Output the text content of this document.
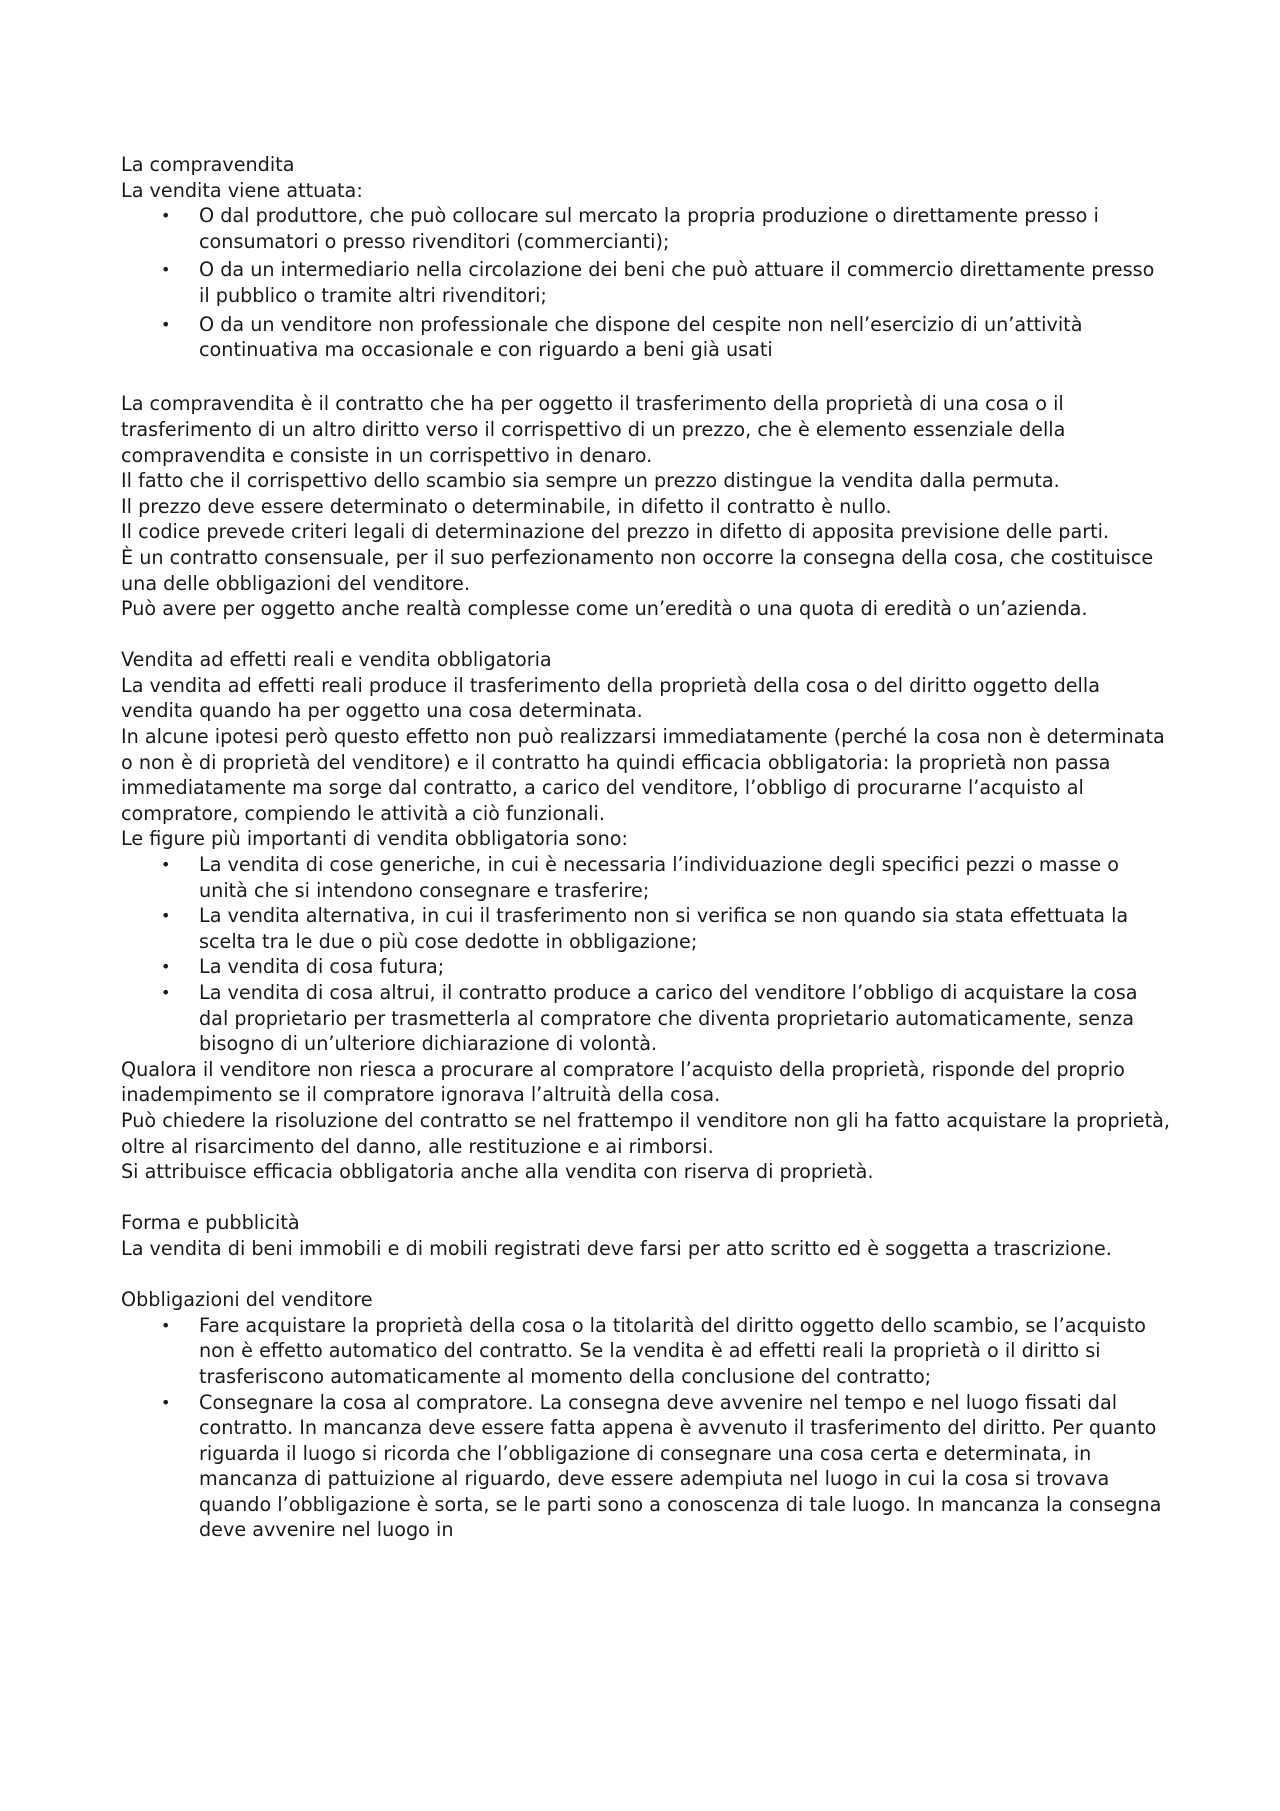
La compravendita

La vendita viene attuata:

• O dal produttore, che può collocare sul mercato la propria produzione o direttamente presso i consumatori o presso rivenditori (commercianti);
• O da un intermediario nella circolazione dei beni che può attuare il commercio direttamente presso il pubblico o tramite altri rivenditori;
• O da un venditore non professionale che dispone del cespite non nell’esercizio di un’attività continuativa ma occasionale e con riguardo a beni già usati

La compravendita è il contratto che ha per oggetto il trasferimento della proprietà di una cosa o il trasferimento di un altro diritto verso il corrispettivo di un prezzo, che è elemento essenziale della compravendita e consiste in un corrispettivo in denaro.

Il fatto che il corrispettivo dello scambio sia sempre un prezzo distingue la vendita dalla permuta.

Il prezzo deve essere determinato o determinabile, in difetto il contratto è nullo.

Il codice prevede criteri legali di determinazione del prezzo in difetto di apposita previsione delle parti.

È un contratto consensuale, per il suo perfezionamento non occorre la consegna della cosa, che costituisce una delle obbligazioni del venditore.

Può avere per oggetto anche realtà complesse come un’eredità o una quota di eredità o un’azienda.

Vendita ad effetti reali e vendita obbligatoria

La vendita ad effetti reali produce il trasferimento della proprietà della cosa o del diritto oggetto della vendita quando ha per oggetto una cosa determinata.

In alcune ipotesi però questo effetto non può realizzarsi immediatamente (perché la cosa non è determinata o non è di proprietà del venditore) e il contratto ha quindi efficacia obbligatoria: la proprietà non passa immediatamente ma sorge dal contratto, a carico del venditore, l’obbligo di procurarne l’acquisto al compratore, compiendo le attività a ciò funzionali.

Le figure più importanti di vendita obbligatoria sono:

• La vendita di cose generiche, in cui è necessaria l’individuazione degli specifici pezzi o masse o unità che si intendono consegnare e trasferire;
• La vendita alternativa, in cui il trasferimento non si verifica se non quando sia stata effettuata la scelta tra le due o più cose dedotte in obbligazione;
• La vendita di cosa futura;
• La vendita di cosa altrui, il contratto produce a carico del venditore l’obbligo di acquistare la cosa dal proprietario per trasmetterla al compratore che diventa proprietario automaticamente, senza bisogno di un’ulteriore dichiarazione di volontà.

Qualora il venditore non riesca a procurare al compratore l’acquisto della proprietà, risponde del proprio inadempimento se il compratore ignorava l’altruità della cosa.

Può chiedere la risoluzione del contratto se nel frattempo il venditore non gli ha fatto acquistare la proprietà, oltre al risarcimento del danno, alle restituzione e ai rimborsi.

Si attribuisce efficacia obbligatoria anche alla vendita con riserva di proprietà.

Forma e pubblicità

La vendita di beni immobili e di mobili registrati deve farsi per atto scritto ed è soggetta a trascrizione.

Obbligazioni del venditore

• Fare acquistare la proprietà della cosa o la titolarità del diritto oggetto dello scambio, se l’acquisto non è effetto automatico del contratto. Se la vendita è ad effetti reali la proprietà o il diritto si trasferiscono automaticamente al momento della conclusione del contratto;
• Consegnare la cosa al compratore. La consegna deve avvenire nel tempo e nel luogo fissati dal contratto. In mancanza deve essere fatta appena è avvenuto il trasferimento del diritto. Per quanto riguarda il luogo si ricorda che l’obbligazione di consegnare una cosa certa e determinata, in mancanza di pattuizione al riguardo, deve essere adempiuta nel luogo in cui la cosa si trovava quando l’obbligazione è sorta, se le parti sono a conoscenza di tale luogo. In mancanza la consegna deve avvenire nel luogo in
